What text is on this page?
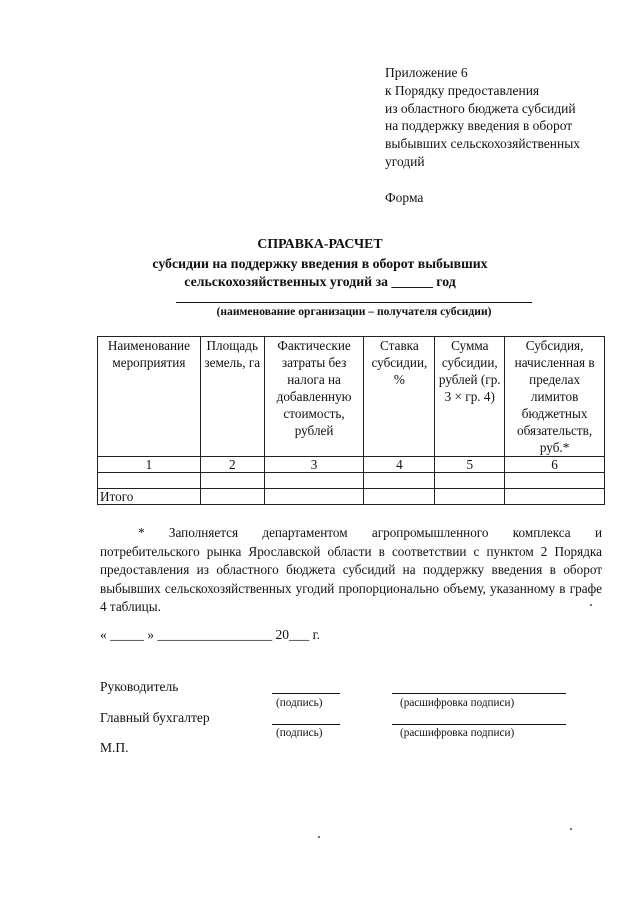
Приложение 6
к Порядку предоставления
из областного бюджета субсидий
на поддержку введения в оборот
выбывших сельскохозяйственных
угодий
Форма
СПРАВКА-РАСЧЕТ
субсидии на поддержку введения в оборот выбывших
сельскохозяйственных угодий за ______ год
(наименование организации – получателя субсидии)
Наименование мероприятия	Площадь земель, га	Фактические затраты без налога на добавленную стоимость, рублей	Ставка субсидии, %	Сумма субсидии, рублей (гр. 3 × гр. 4)	Субсидия, начисленная в пределах лимитов бюджетных обязательств, руб.*
1	2	3	4	5	6

Итого					
* Заполняется департаментом агропромышленного комплекса и
потребительского рынка Ярославской области в соответствии с пунктом 2 Порядка предоставления из областного бюджета субсидий на поддержку введения в оборот выбывших сельскохозяйственных угодий пропорционально объему, указанному в графе 4 таблицы.
« _____ » _________________ 20___ г.
Руководитель
(подпись)	(расшифровка подписи)
Главный бухгалтер
(подпись)	(расшифровка подписи)
М.П.
